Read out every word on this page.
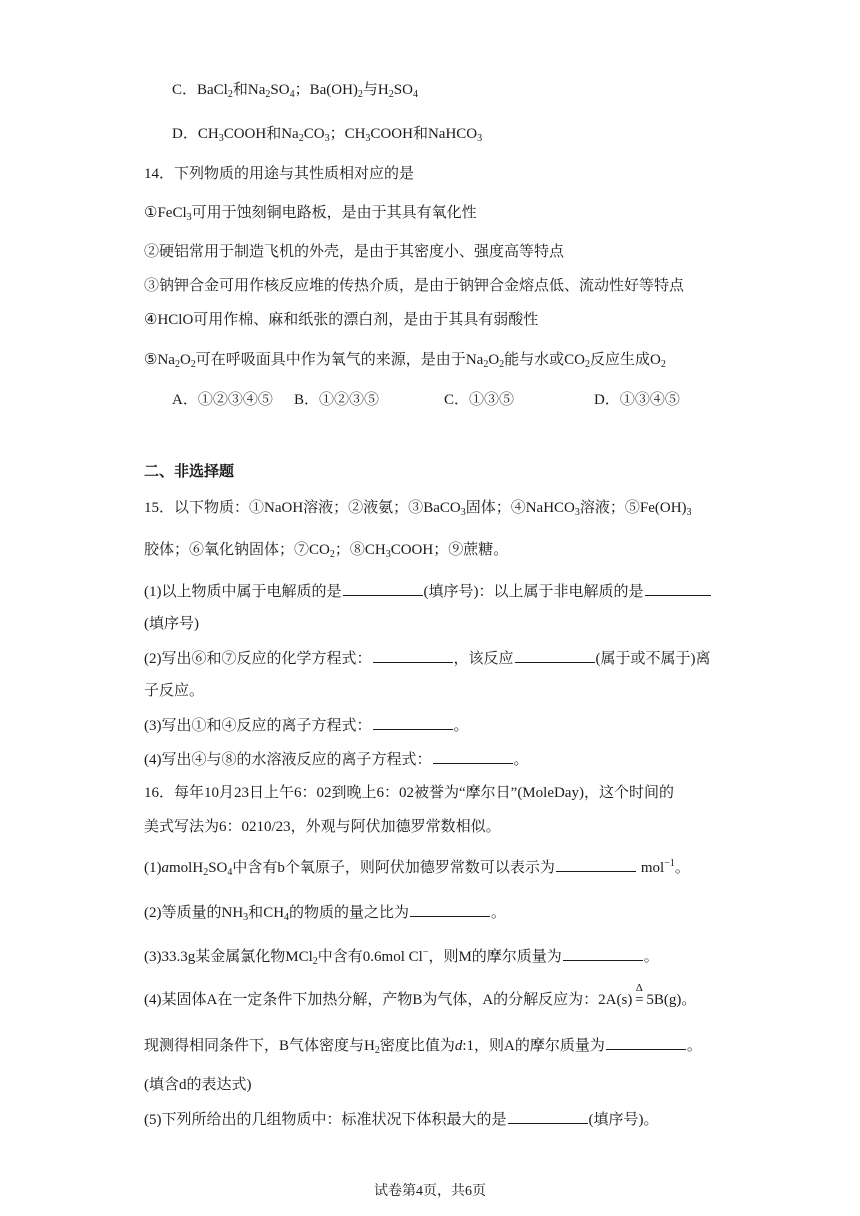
C．BaCl$_2$和$Na_2SO_4$；$Ba(OH)_2$与$H_2SO_4$
D．$CH_3COOH$和$Na_2CO_3$；$CH_3COOH$和NaHCO$_3$
14．下列物质的用途与其性质相对应的是
①FeCl$_3$可用于蚀刻铜电路板，是由于其具有氧化性
②硬铝常用于制造飞机的外壳，是由于其密度小、强度高等特点
③钠钾合金可用作核反应堆的传热介质，是由于钠钾合金熔点低、流动性好等特点
④HClO可用作棉、麻和纸张的漂白剂，是由于其具有弱酸性
$⑤Na_2O_2$可在呼吸面具中作为氧气的来源，是由于$Na_2O_2$能与水或$CO_2$反应生成$O_2$
A．①②③④⑤ B．①②③⑤	C．①③⑤	D．①③④⑤
二、非选择题
15．以下物质：①NaOH溶液；②液氨；③BaCO$_3$固体；④NaHCO$_3$溶液；$⑤Fe(OH)_3$
胶体；⑥氧化钠固体；$⑦CO_2$；$⑧CH_3COOH$；⑨蔗糖。
(1)以上物质中属于电解质的是	(填序号)：以上属于非电解质的是
(填序号)
(2)写出⑥和⑦反应的化学方程式：	，该反应	(属于或不属于)离
子反应。
(3)写出①和④反应的离子方程式：	。
(4)写出④与⑧的水溶液反应的离子方程式：	。
16．每年10月23日上午6：02到晚上6：02被誉为“摩尔日”(MoleDay)，这个时间的
美式写法为6：0210/23，外观与阿伏加德罗常数相似。
$(1)amolH_2SO_4$中含有b个氧原子，则阿伏加德罗常数可以表示为	mol$^{-1}$。
(2)等质量的$NH_3$和$CH_4$的物质的量之比为	。
(3)33.3g某金属氯化物MCl$_2$中含有0.6mol Cl−，则M的摩尔质量为	。
(4)某固体A在一定条件下加热分解，产物B为气体，A的分解反应为：2A(s)
Δ
= 5B(g)。
现测得相同条件下，B气体密度与$H_2$密度比值为d:1，则A的摩尔质量为	。
(填含d的表达式)
(5)下列所给出的几组物质中：标准状况下体积最大的是	(填序号)。
试卷第4页，共6页
